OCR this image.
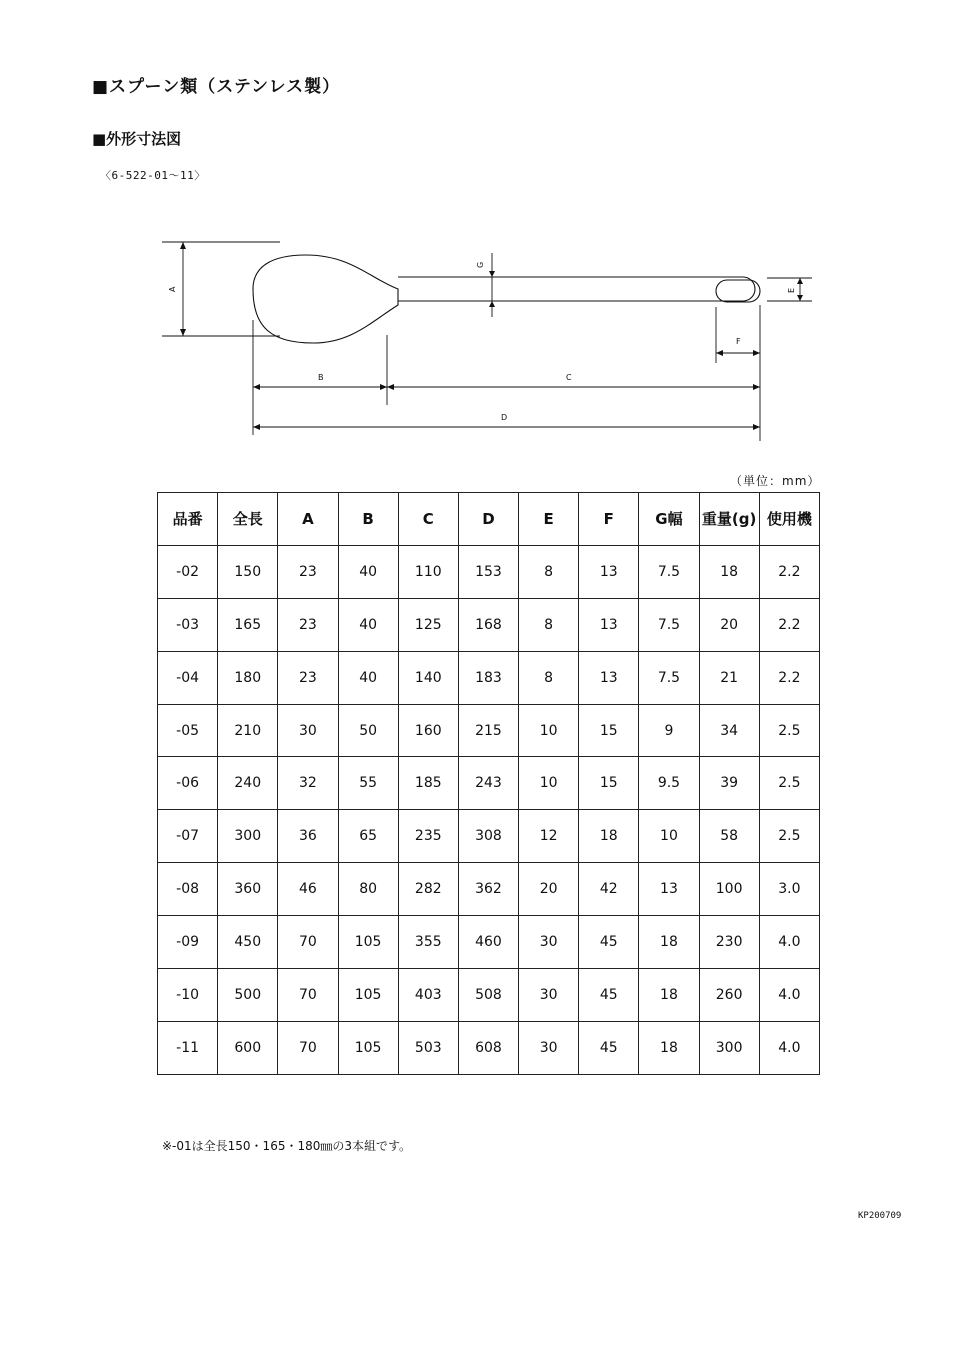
■スプーン類（ステンレス製）
■外形寸法図
〈6-522-01～11〉
A
B	C
D
E
F
G
（単位：mm）
品番	全長	A	B	C	D	E	F	G幅	重量(g)	使用機
-02	150	23	40	110	153	8	13	7.5	18	2.2
-03	165	23	40	125	168	8	13	7.5	20	2.2
-04	180	23	40	140	183	8	13	7.5	21	2.2
-05	210	30	50	160	215	10	15	9	34	2.5
-06	240	32	55	185	243	10	15	9.5	39	2.5
-07	300	36	65	235	308	12	18	10	58	2.5
-08	360	46	80	282	362	20	42	13	100	3.0
-09	450	70	105	355	460	30	45	18	230	4.0
-10	500	70	105	403	508	30	45	18	260	4.0
-11	600	70	105	503	608	30	45	18	300	4.0
※-01は全長150・165・180㎜の3本組です。
KP200709
